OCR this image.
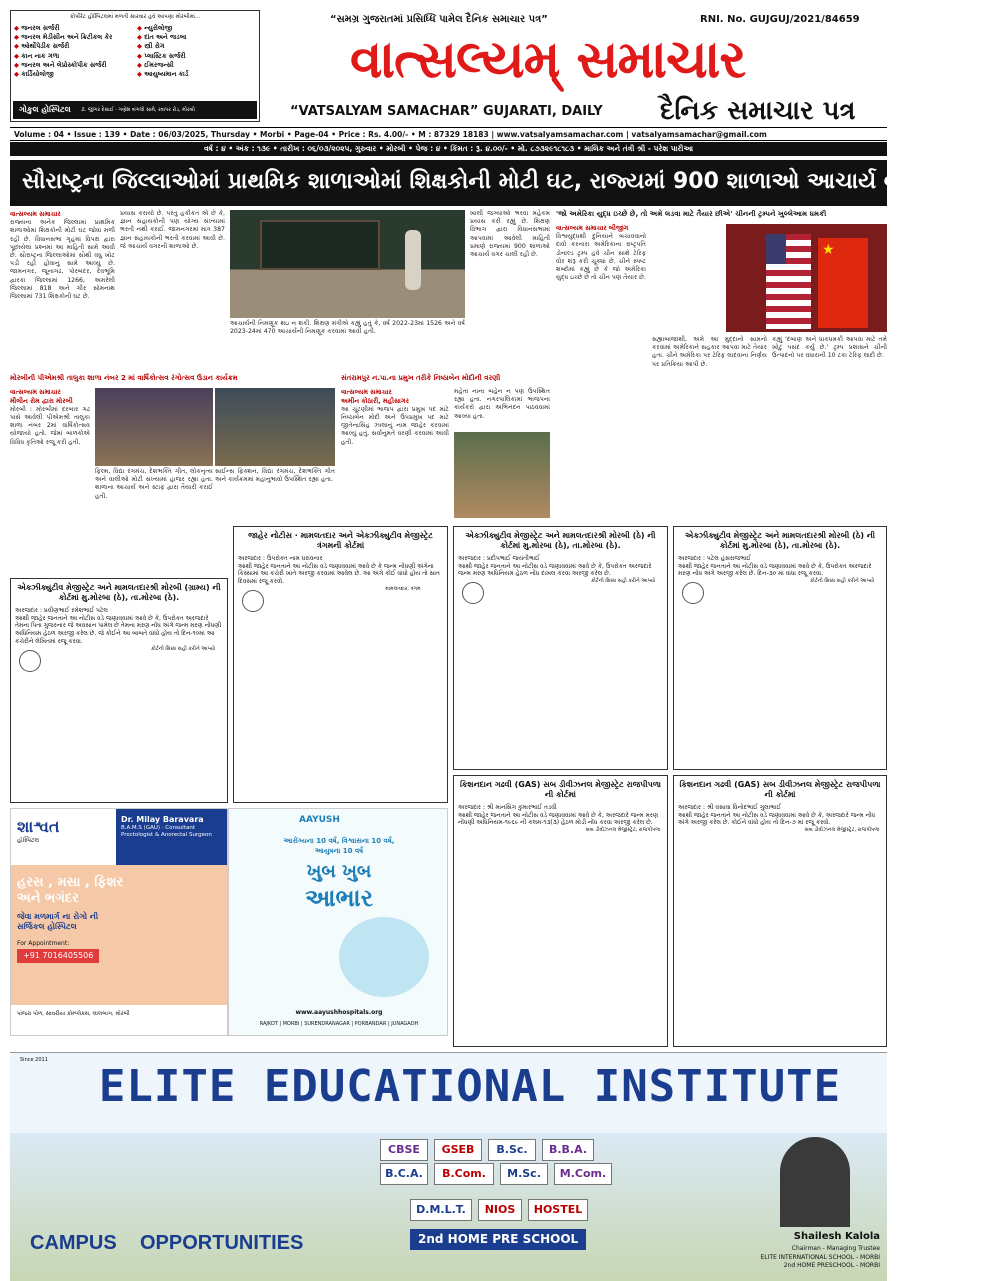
કોર્પોરેટ હોસ્પિટલમાં મળતી સારવાર હવે આપણા મોરબીમાં...
◆ જનરલ સર્જરી	◆ ન્યુરોલોજી
◆ જનરલ મેડીસીન અને ક્રિટીકલ કેર	◆ દાંત અને જડબા
◆ ઓર્થોપેડીક સર્જરી	◆ સ્ત્રી રોગ
◆ કાન નાક ગળા	◆ પ્લાસ્ટિક સર્જરી
◆ જનરલ અને લેપ્રોસ્કોપીક સર્જરી	◆ ઈમરજન્સી
◆ કાર્ડિયોલોજી	◆ આયુષ્યમાન કાર્ડ
ગોકુલ હોસ્પિટલ ડૉ. જીગર દેસાઈ · ગણેશ બંગલો સામે, રવાપર રોડ, મોરબી
“સમગ્ર ગુજરાતમાં પ્રસિધ્ધિ પામેલ દૈનિક સમાચાર પત્ર”	RNI. No. GUJGUJ/2021/84659
વાત્સલ્યમ્ સમાચાર
“VATSALYAM SAMACHAR” GUJARATI, DAILY દૈનિક સમાચાર પત્ર
Volume : 04 • Issue : 139 • Date : 06/03/2025, Thursday • Morbi • Page-04 • Price : Rs. 4.00/- • M : 87329 18183 | www.vatsalyamsamachar.com | vatsalyamsamachar@gmail.com
વર્ષ : ૪ • અંક : ૧૩૯ • તારીખ : ૦૬/૦૩/૨૦૨૫, ગુરુવાર • મોરબી • પેજ : ૪ • કિંમત : રૂ. ૪.૦૦/- • મો. ૮૭૩૨૯૧૮૧૮૩ • માલિક અને તંત્રી શ્રી - પરેશ પારીઆ
સૌરાષ્ટ્રના જિલ્લાઓમાં પ્રાથમિક શાળાઓમાં શિક્ષકોની મોટી ઘટ, રાજ્યમાં 900 શાળાઓ આચાર્ય વગરની !!!
વાત્સલ્યમ સમાચાર
રાજ્યના અનેક જિલ્લામાં પ્રાથમિક શાળાઓમાં શિક્ષકોની મોટી ઘટ જોવા મળી રહી છે. વિધાનસભા ગૃહમાં વિપક્ષ દ્વારા પૂછાયેલા પ્રશ્નમાં આ માહિતી સામે આવી છે. સૌરાષ્ટ્રના જિલ્લાઓમાં સૌથી વધુ ખોટ પડી રહી હોવાનું સામે આવ્યું છે. જામનગર, જૂનાગઢ, પોરબંદર, દેવભૂમિ દ્વારકા જિલ્લામાં 1266, અમરેલી જિલ્લામાં 818 અને ગીર સોમનાથ જિલ્લામાં 731 શિક્ષકોની ઘટ છે.
પ્રયાસ કરાયો છે. પરંતુ હકીકત એ છે કે, જ્ઞાન સહાયકોની પણ યોગ્ય સંખ્યામાં ભરતી નથી કરાઈ. જામનગરમાં માત્ર 387 જ્ઞાન સહાયકોની ભરતી કરવામાં આવી છે. જે આચાર્ય વગરની શાળાઓ છે.
આચાર્યની નિમણૂક થઇ ન શકી. શિક્ષણ મંત્રીએ કહ્યું હતું કે, વર્ષ 2022-23માં 1526 અને વર્ષ 2023-24માં 470 આચાર્યની નિમણૂક કરવામાં આવી હતી.
ખાલી જગ્યાઓ ભરવા મહેકમ પ્રયાસ કરી રહ્યું છે. શિક્ષણ વિભાગ દ્વારા વિધાનસભામાં આપવામાં આવેલી માહિતી પ્રમાણે રાજ્યમાં 900 શાળાઓ આચાર્ય વગર ચાલી રહી છે.
'જો અમેરિકા યુદ્ધ ઇચ્છે છે, તો અમે લડવા માટે તૈયાર છીએ' ચીનની ટ્રમ્પને ખુલ્લેઆમ ધમકી
વાત્સલ્યમ સમાચાર બીજીંગ
વિશ્વયુદ્ધથી દુનિયાને બચાવવાનો દાવો કરનારા અમેરિકાના રાષ્ટ્રપતિ ડોનાલ્ડ ટ્રમ્પ હવે ચીન સાથે ટેરિફ વોર શરૂ કરી ચૂક્યા છે. ચીને સ્પષ્ટ શબ્દોમાં કહ્યું છે કે જો અમેરિકા યુદ્ધ ઇચ્છે છે તો ચીન પણ તૈયાર છે.
★
સહ્યાબાજાથી, અમે આ મુદ્દાનો સામનો કરવામાં અમેરિકાને સહકાર આપવા માટે તૈયાર હતા. ચીને અમેરિકા પર ટેરિફ લાદવાના નિર્ણય પર પ્રતિક્રિયા આપી છે.
કહ્યું 'દબાણ અને ધાકધમકી આપવા માટે તમે ખોટું પસંદ કર્યું છે.' ટ્રમ્પ પ્રશાસને ચીની ઉત્પાદનો પર વધારાની 10 ટકા ટેરિફ લાદી છે.
મોરબીની પીએમશ્રી તાલુકા શાળા નંબર 2 માં વાર્ષિકોત્સવ રંગોત્સવ ઉડાન કાર્યક્રમ
વાત્સલ્યમ સમાચાર
મૌલીન રોમ દ્વારા મોરબી
મોરબી : મોરબીમાં દરબાર ગઢ પાસે આવેલી પીએમશ્રી તાલુકા શાળા નંબર 2માં વાર્ષિકોત્સવ યોજાયો હતો. જેમાં બાળકોએ વિવિધ કૃતિઓ રજૂ કરી હતી.
ફિલ્મ, વિદ્યા રંગમંચ, દેશભક્તિ ગીત, લોકનૃત્ય અને વાલીઓ મોટી સંખ્યામાં હાજર રહ્યા હતા. શાળાના આચાર્ય અને સ્ટાફ દ્વારા તૈયારી કરાઈ હતી.
સાઈન્સ ફિક્શન, વિદ્યા રંગમંચ, દેશભક્તિ ગીત અને કાર્યક્રમમાં મહાનુભાવો ઉપસ્થિત રહ્યા હતા.
સંતરામપુર ન.પા.ના પ્રમુખ તરીકે નિષ્ઠાબેન મોદીની વરણી
વાત્સલ્યમ સમાચાર
અમીન કોઠારી, મહીસાગર
આ ચૂંટણીમાં ભાજપ દ્વારા પ્રમુખ પદ માટે નિષ્ઠાબેન મોદી અને ઉપપ્રમુખ પદ માટે જીતેન્દ્રસિંહ ઝાલાનું નામ જાહેર કરવામાં આવ્યું હતું. સર્વાનુમતે વરણી કરવામાં આવી હતી.
મહેતા નાના બહેન ન પણ ઉપસ્થિત રહ્યા હતા. નગરપાલિકામાં ભાજપના કાર્યકરો દ્વારા અભિનંદન પાઠવવામાં આવ્યા હતા.
એક્ઝીક્યુટીવ મેજીસ્ટ્રેટ અને મામલતદારશ્રી મોરબી (ગ્રામ્ય) ની કોર્ટમાં મુ.મોરબા (ઠે), તા.મોરબા (ઠે).
અરજદાર : પ્રવીણભાઈ રમેશભાઈ પટેલ
આથી જાહેર જનતાને આ નોટીસ વડે જણાવવામાં આવે છે કે, ઉપરોક્ત અરજદારે તેમના પિતા ગુજરનાર જે અવસાન પામેલ છે તેમના મરણ નોંધ અંગે જન્મ મરણ નોંધણી અધિનિયમ હેઠળ અરજી કરેલ છે. જે કોઈને આ બાબતે વાંધો હોય તો દિન-૧૦માં આ કચેરીને લેખિતમાં રજૂ કરવા.
કોર્ટની સિક્કા સહી કરીને આપ્યો
જાહેર નોટીસ · મામલતદાર અને એક્ઝીક્યુટીવ મેજીસ્ટ્રેટ ત્રંગમની કોર્ટમાં
અરજદાર : ઉપરોક્ત નામ ધરાવનાર
આથી જાહેર જનતાને આ નોટીસ વડે જણાવવામાં આવે છે કે જન્મ નોંધણી અંગેના કિસ્સામાં આ કચેરી ખાતે અરજી કરવામાં આવેલ છે. આ અંગે કોઈ વાંધો હોય તો સાત દિવસમાં રજૂ કરવો.
મામલતદાર, ત્રંગમ
એક્ઝીક્યુટીવ મેજીસ્ટ્રેટ અને મામલતદારશ્રી મોરબી (ઠે) ની કોર્ટમાં મુ.મોરબા (ઠે), તા.મોરબા (ઠે).
અરજદાર : પ્રદીપભાઈ જયંતીભાઈ
આથી જાહેર જનતાને આ નોટીસ વડે જણાવવામાં આવે છે કે, ઉપરોક્ત અરજદારે જન્મ મરણ અધિનિયમ હેઠળ નોંધ દાખલ કરવા અરજી કરેલ છે.
કોર્ટની સિક્કા સહી કરીને આપ્યો
એક્ઝીક્યુટીવ મેજીસ્ટ્રેટ અને મામલતદારશ્રી મોરબી (ઠે) ની કોર્ટમાં મુ.મોરબા (ઠે), તા.મોરબા (ઠે).
અરજદાર : પટેલ હંસરાજભાઈ
આથી જાહેર જનતાને આ નોટીસ વડે જણાવવામાં આવે છે કે, ઉપરોક્ત અરજદારે મરણ નોંધ અંગે અરજી કરેલ છે. દિન-૩૦ માં વાંધા રજૂ કરવા.
કોર્ટની સિક્કા સહી કરીને આપ્યો
કિશનદાન ગઢવી (GAS) સબ ડીવીઝનલ મેજીસ્ટ્રેટ રાજપીપળા ની કોર્ટમાં
અરજદાર : શ્રી માનસિંગ કુમારભાઈ તડવી
આથી જાહેર જનતાને આ નોટીસ વડે જણાવવામાં આવે છે કે, અરજદારે જન્મ મરણ નોંધણી અધિનિયમ-૧૯૬૯ ની કલમ-૧૩(૩) હેઠળ મોડી નોંધ કરવા અરજી કરેલ છે.
સબ ડીવીઝનલ મેજીસ્ટ્રેટ, રાજપીપળા
કિશનદાન ગઢવી (GAS) સબ ડીવીઝનલ મેજીસ્ટ્રેટ રાજપીપળા ની કોર્ટમાં
અરજદાર : શ્રી વસાવા વિનોદભાઈ ગુલાભાઈ
આથી જાહેર જનતાને આ નોટીસ વડે જણાવવામાં આવે છે કે, અરજદારે જન્મ નોંધ અંગે અરજી કરેલ છે. કોઈને વાંધો હોય તો દિન-૭ માં રજૂ કરવો.
સબ ડીવીઝનલ મેજીસ્ટ્રેટ, રાજપીપળા
શાશ્વત
હૉસ્પિટલ
Dr. Milay Baravara
B.A.M.S (GAU) · Consultant Proctologist & Anorectal Surgeon
હરસ , મસા , ફિશર
અને ભગંદર
જેવા મળમાર્ગ ના રોગો ની સર્જિકલ હોસ્પિટલ
For Appointment:
+91 7016405506
પાંજરા પોળ, સાવરીયા કોમ્પ્લેક્સ, લાલબાગ, મોરબી
AAYUSH
આરોગ્યના 10 વર્ષ, વિશ્વાસના 10 વર્ષ,
આયુષના 10 વર્ષ
ખુબ ખુબ
આભાર
www.aayushhospitals.org
RAJKOT | MORBI | SURENDRANAGAR | PORBANDAR | JUNAGADH
Since 2011
ELITE EDUCATIONAL INSTITUTE
CBSE	GSEB	B.Sc.	B.B.A.
B.C.A.	B.Com.	M.Sc.	M.Com.
D.M.L.T.	NIOS	HOSTEL
CAMPUS OPPORTUNITIES	2nd HOME PRE SCHOOL	Shailesh Kalola
Chairman - Managing Trustee
ELITE INTERNATIONAL SCHOOL - MORBI
2nd HOME PRESCHOOL - MORBI
